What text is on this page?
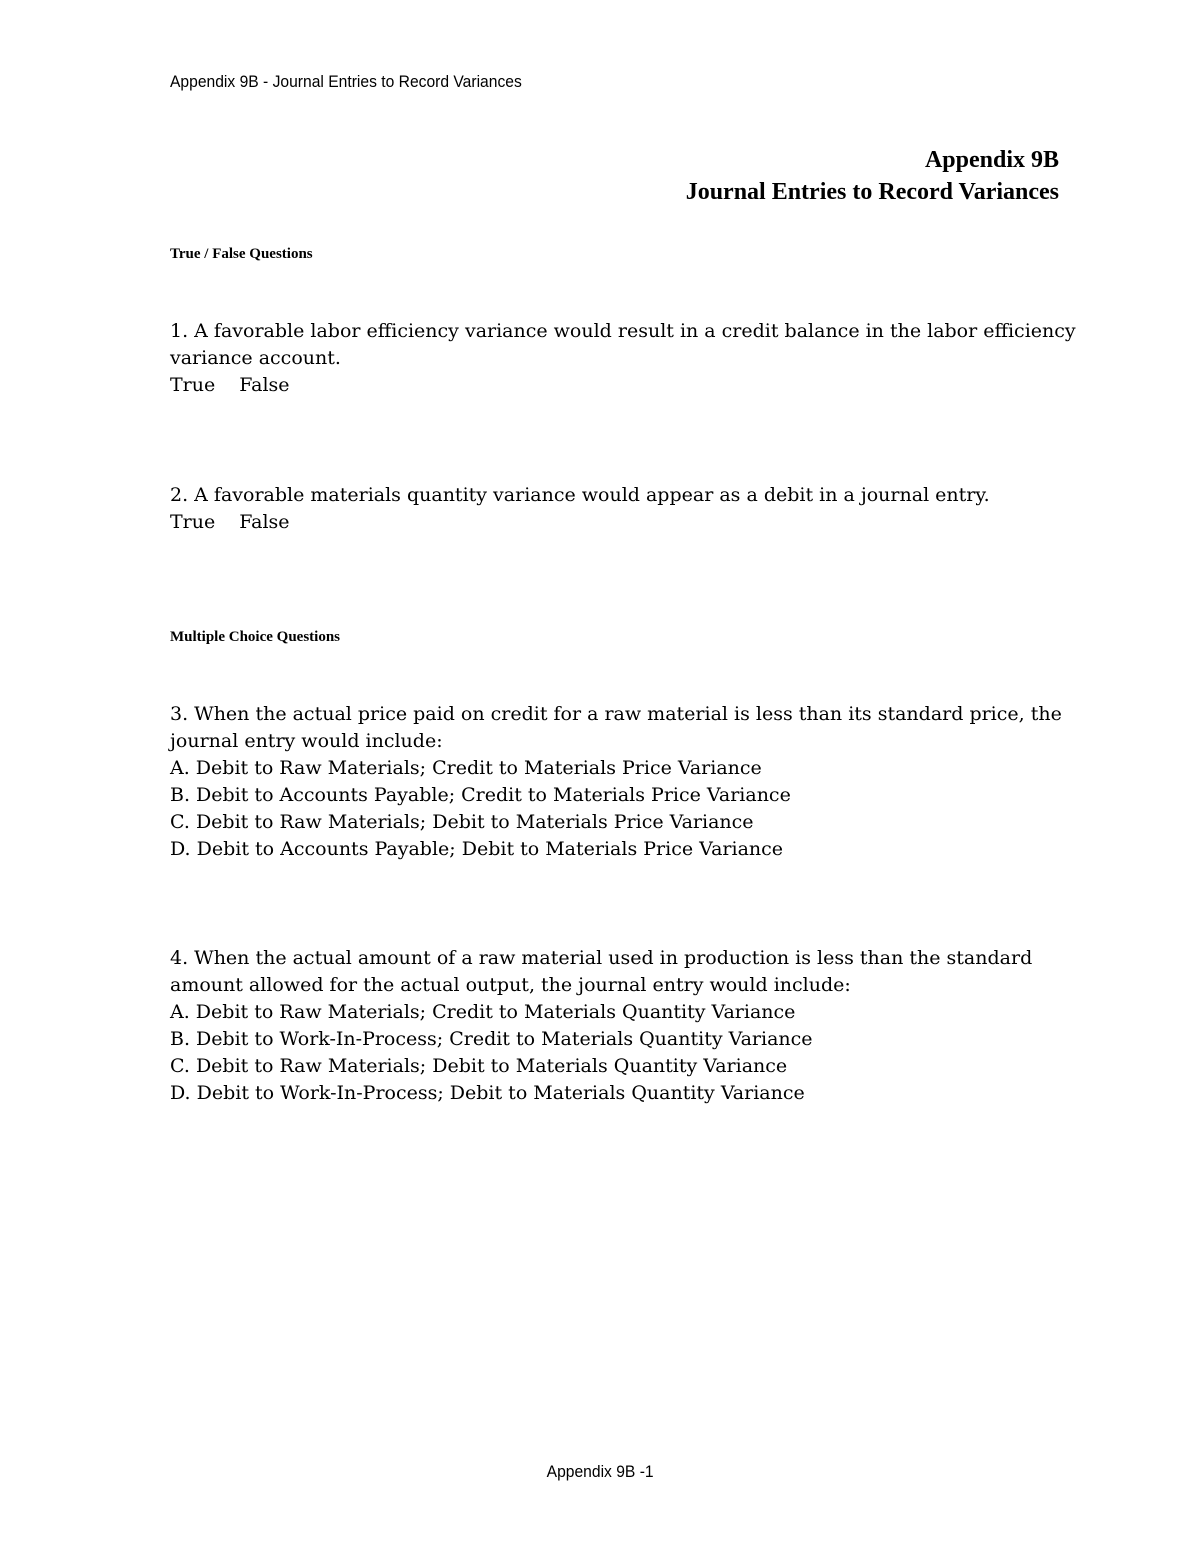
Appendix 9B - Journal Entries to Record Variances
Appendix 9B
Journal Entries to Record Variances
True / False Questions
1. A favorable labor efficiency variance would result in a credit balance in the labor efficiency
variance account.
True False
2. A favorable materials quantity variance would appear as a debit in a journal entry.
True False
Multiple Choice Questions
3. When the actual price paid on credit for a raw material is less than its standard price, the
journal entry would include:
A. Debit to Raw Materials; Credit to Materials Price Variance
B. Debit to Accounts Payable; Credit to Materials Price Variance
C. Debit to Raw Materials; Debit to Materials Price Variance
D. Debit to Accounts Payable; Debit to Materials Price Variance
4. When the actual amount of a raw material used in production is less than the standard
amount allowed for the actual output, the journal entry would include:
A. Debit to Raw Materials; Credit to Materials Quantity Variance
B. Debit to Work-In-Process; Credit to Materials Quantity Variance
C. Debit to Raw Materials; Debit to Materials Quantity Variance
D. Debit to Work-In-Process; Debit to Materials Quantity Variance
Appendix 9B -1
